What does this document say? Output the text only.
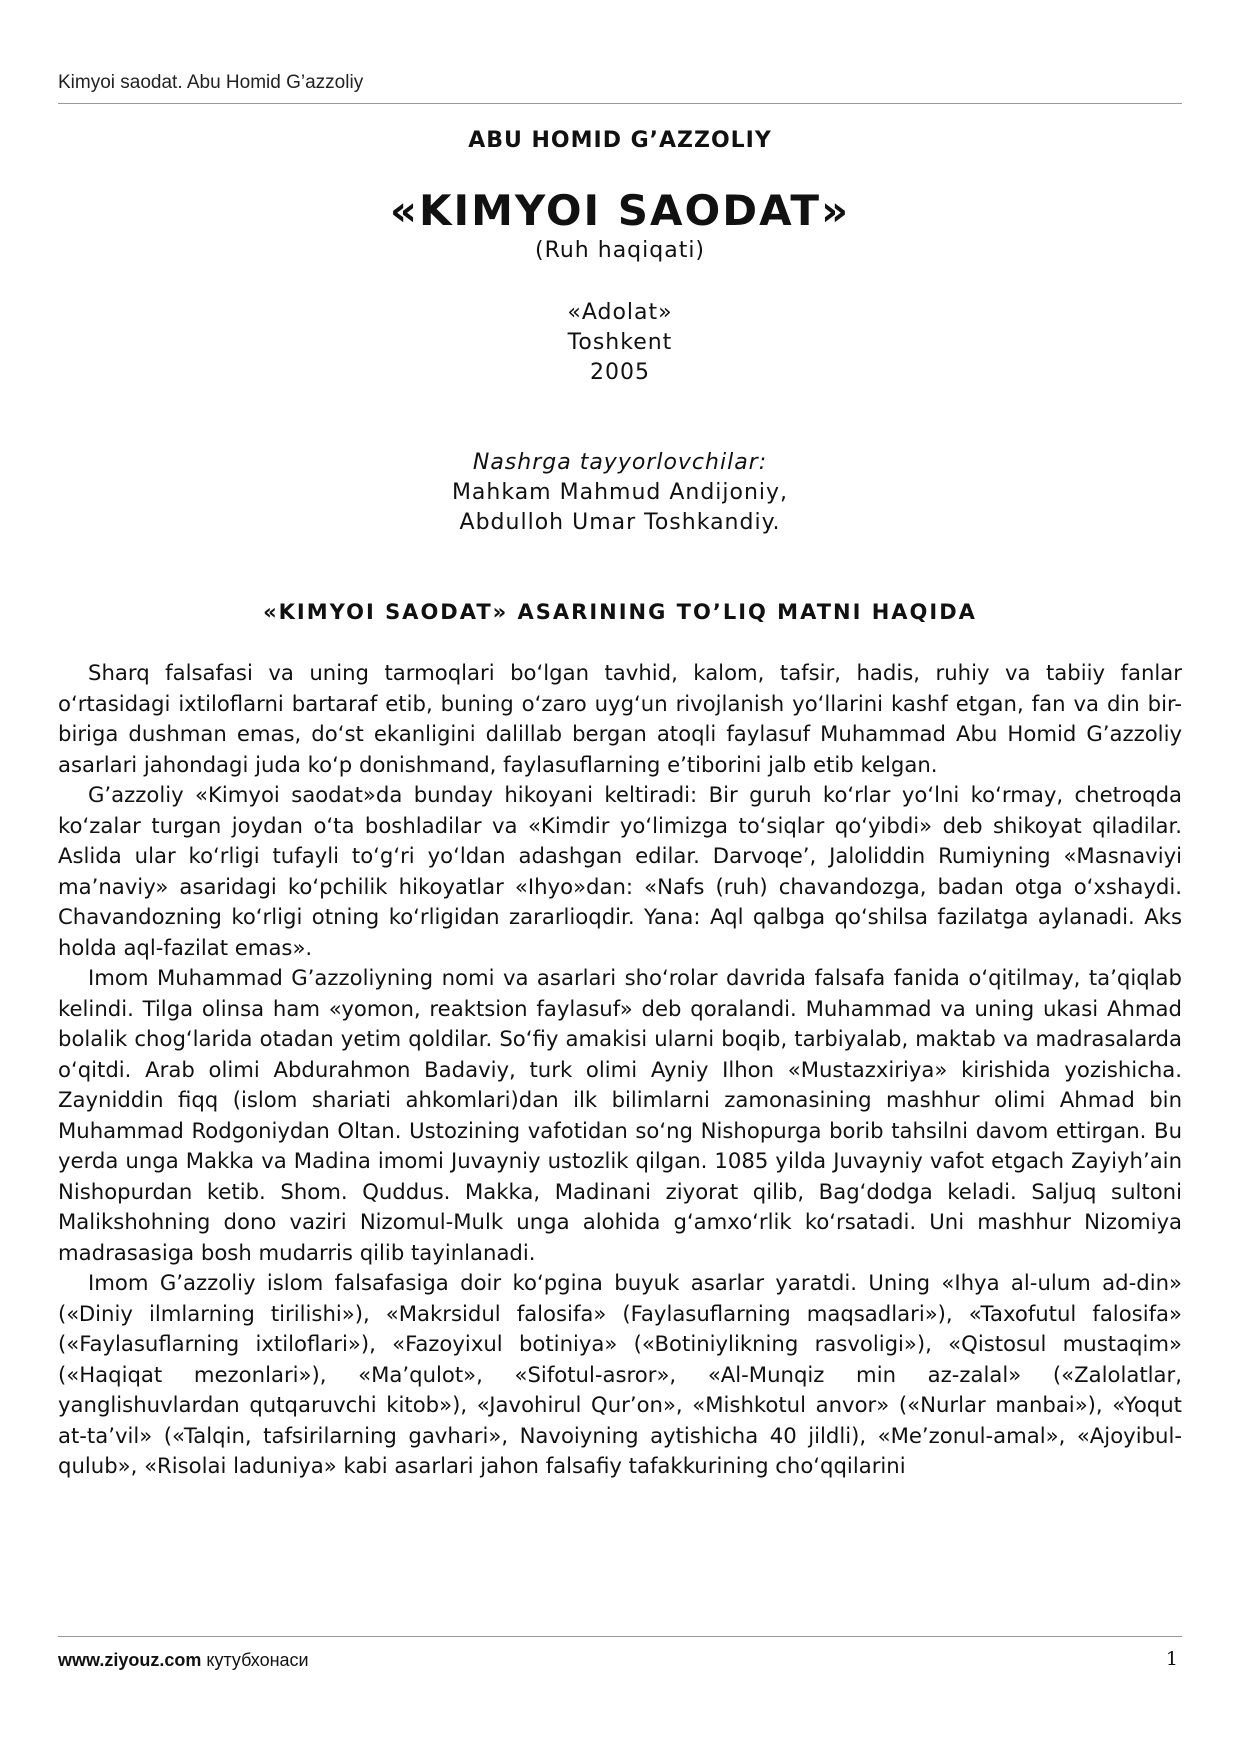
Kimyoi saodat. Abu Homid G’azzoliy
ABU HOMID G’AZZOLIY
«KIMYOI SAODAT»
(Ruh haqiqati)
«Adolat»
Toshkent
2005
Nashrga tayyorlovchilar:
Mahkam Mahmud Andijoniy,
Abdulloh Umar Toshkandiy.
«KIMYOI SAODAT» ASARINING TO’LIQ MATNI HAQIDA

Sharq falsafasi va uning tarmoqlari bo‘lgan tavhid, kalom, tafsir, hadis, ruhiy va tabiiy fanlar o‘rtasidagi ixtiloflarni bartaraf etib, buning o‘zaro uyg‘un rivojlanish yo‘llarini kashf etgan, fan va din bir-biriga dushman emas, do‘st ekanligini dalillab bergan atoqli faylasuf Muhammad Abu Homid G’azzoliy asarlari jahondagi juda ko‘p donishmand, faylasuflarning e’tiborini jalb etib kelgan.

G’azzoliy «Kimyoi saodat»da bunday hikoyani keltiradi: Bir guruh ko‘rlar yo‘lni ko‘rmay, chetroqda ko‘zalar turgan joydan o‘ta boshladilar va «Kimdir yo‘limizga to‘siqlar qo‘yibdi» deb shikoyat qiladilar. Aslida ular ko‘rligi tufayli to‘g‘ri yo‘ldan adashgan edilar. Darvoqe’, Jaloliddin Rumiyning «Masnaviyi ma’naviy» asaridagi ko‘pchilik hikoyatlar «Ihyo»dan: «Nafs (ruh) chavandozga, badan otga o‘xshaydi. Chavandozning ko‘rligi otning ko‘rligidan zararlioqdir. Yana: Aql qalbga qo‘shilsa fazilatga aylanadi. Aks holda aql-fazilat emas».

Imom Muhammad G’azzoliyning nomi va asarlari sho‘rolar davrida falsafa fanida o‘qitilmay, ta’qiqlab kelindi. Tilga olinsa ham «yomon, reaktsion faylasuf» deb qoralandi. Muhammad va uning ukasi Ahmad bolalik chog‘larida otadan yetim qoldilar. So‘fiy amakisi ularni boqib, tarbiyalab, maktab va madrasalarda o‘qitdi. Arab olimi Abdurahmon Badaviy, turk olimi Ayniy Ilhon «Mustazxiriya» kirishida yozishicha. Zayniddin fiqq (islom shariati ahkomlari)dan ilk bilimlarni zamonasining mashhur olimi Ahmad bin Muhammad Rodgoniydan Oltan. Ustozining vafotidan so‘ng Nishopurga borib tahsilni davom ettirgan. Bu yerda unga Makka va Madina imomi Juvayniy ustozlik qilgan. 1085 yilda Juvayniy vafot etgach Zayiyh’ain Nishopurdan ketib. Shom. Quddus. Makka, Madinani ziyorat qilib, Bag‘dodga keladi. Saljuq sultoni Malikshohning dono vaziri Nizomul-Mulk unga alohida g‘amxo‘rlik ko‘rsatadi. Uni mashhur Nizomiya madrasasiga bosh mudarris qilib tayinlanadi.

Imom G’azzoliy islom falsafasiga doir ko‘pgina buyuk asarlar yaratdi. Uning «Ihya al-ulum ad-din» («Diniy ilmlarning tirilishi»), «Makrsidul falosifa» (Faylasuflarning maqsadlari»), «Taxofutul falosifa» («Faylasuflarning ixtiloflari»), «Fazoyixul botiniya» («Botiniylikning rasvoligi»), «Qistosul mustaqim» («Haqiqat mezonlari»), «Ma’qulot», «Sifotul-asror», «Al-Munqiz min az-zalal» («Zalolatlar, yanglishuvlardan qutqaruvchi kitob»), «Javohirul Qur’on», «Mishkotul anvor» («Nurlar manbai»), «Yoqut at-ta’vil» («Talqin, tafsirilarning gavhari», Navoiyning aytishicha 40 jildli), «Me’zonul-amal», «Ajoyibul-qulub», «Risolai laduniya» kabi asarlari jahon falsafiy tafakkurining cho‘qqilarini

www.ziyouz.com кутубхонаси	1
